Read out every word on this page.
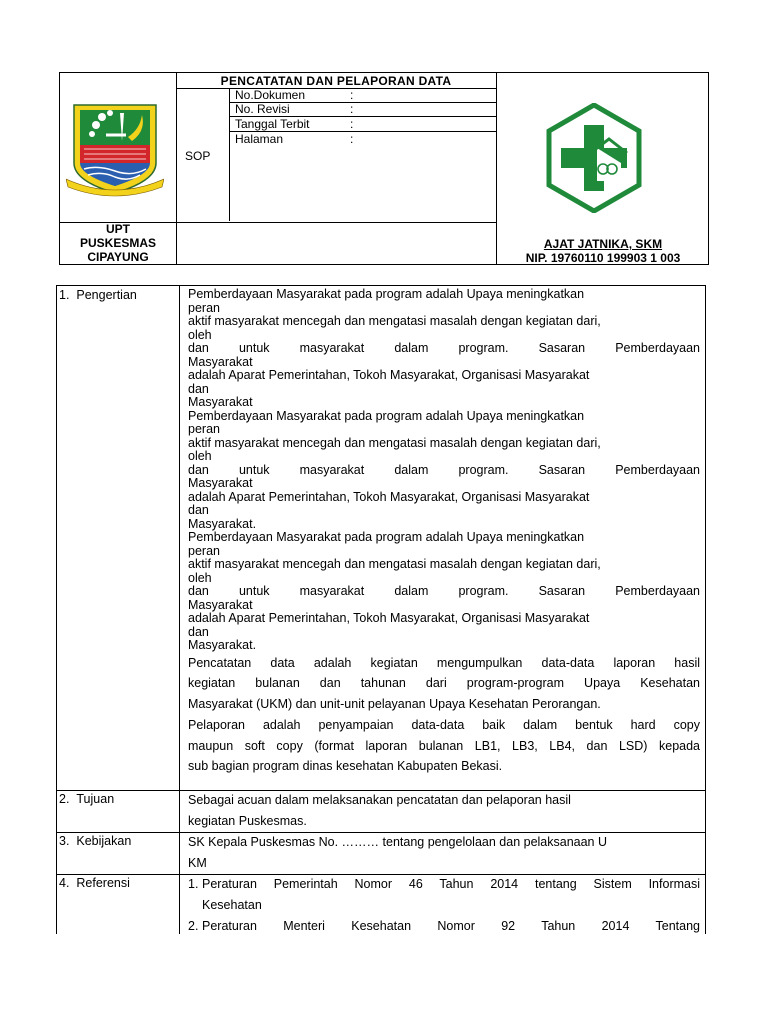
PENCATATAN DAN PELAPORAN DATA
SOP
No.Dokumen	:
No. Revisi	:
Tanggal Terbit	:
Halaman	:
UPT
PUSKESMAS
CIPAYUNG
AJAT JATNIKA, SKM
NIP. 19760110 199903 1 003
1. Pengertian	Pemberdayaan Masyarakat pada program adalah Upaya meningkatkan
peran
aktif masyarakat mencegah dan mengatasi masalah dengan kegiatan dari,
oleh
dan untuk masyarakat dalam program. Sasaran Pemberdayaan
Masyarakat
adalah Aparat Pemerintahan, Tokoh Masyarakat, Organisasi Masyarakat
dan
Masyarakat
Pemberdayaan Masyarakat pada program adalah Upaya meningkatkan
peran
aktif masyarakat mencegah dan mengatasi masalah dengan kegiatan dari,
oleh
dan untuk masyarakat dalam program. Sasaran Pemberdayaan
Masyarakat
adalah Aparat Pemerintahan, Tokoh Masyarakat, Organisasi Masyarakat
dan
Masyarakat.
Pemberdayaan Masyarakat pada program adalah Upaya meningkatkan
peran
aktif masyarakat mencegah dan mengatasi masalah dengan kegiatan dari,
oleh
dan untuk masyarakat dalam program. Sasaran Pemberdayaan
Masyarakat
adalah Aparat Pemerintahan, Tokoh Masyarakat, Organisasi Masyarakat
dan
Masyarakat.
Pencatatan data adalah kegiatan mengumpulkan data-data laporan hasil
kegiatan bulanan dan tahunan dari program-program Upaya Kesehatan
Masyarakat (UKM) dan unit-unit pelayanan Upaya Kesehatan Perorangan.
Pelaporan adalah penyampaian data-data baik dalam bentuk hard copy
maupun soft copy (format laporan bulanan LB1, LB3, LB4, dan LSD) kepada
sub bagian program dinas kesehatan Kabupaten Bekasi.
2. Tujuan	Sebagai acuan dalam melaksanakan pencatatan dan pelaporan hasil
kegiatan Puskesmas.
3. Kebijakan	SK Kepala Puskesmas No. ……… tentang pengelolaan dan pelaksanaan U
KM
4. Referensi	1. Peraturan Pemerintah Nomor 46 Tahun 2014 tentang Sistem Informasi
Kesehatan
2. Peraturan Menteri Kesehatan Nomor 92 Tahun 2014 Tentang
